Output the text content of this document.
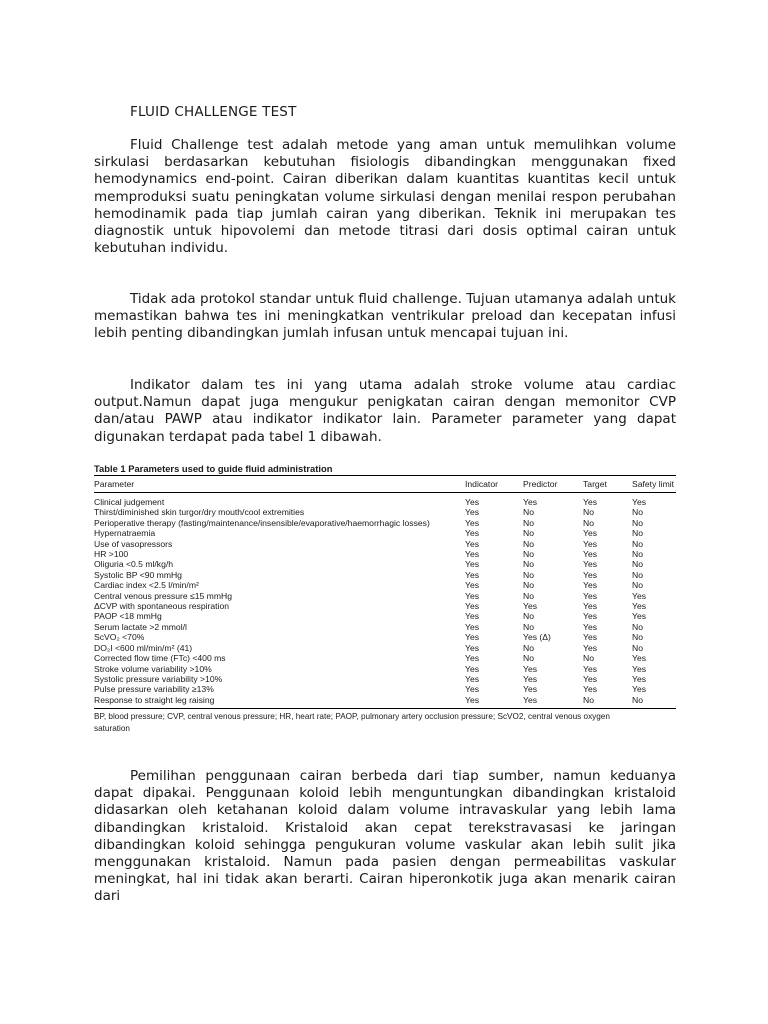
FLUID CHALLENGE TEST

Fluid Challenge test adalah metode yang aman untuk memulihkan volume sirkulasi berdasarkan kebutuhan fisiologis dibandingkan menggunakan fixed hemodynamics end-point. Cairan diberikan dalam kuantitas kuantitas kecil untuk memproduksi suatu peningkatan volume sirkulasi dengan menilai respon perubahan hemodinamik pada tiap jumlah cairan yang diberikan. Teknik ini merupakan tes diagnostik untuk hipovolemi dan metode titrasi dari dosis optimal cairan untuk kebutuhan individu.

Tidak ada protokol standar untuk fluid challenge. Tujuan utamanya adalah untuk memastikan bahwa tes ini meningkatkan ventrikular preload dan kecepatan infusi lebih penting dibandingkan jumlah infusan untuk mencapai tujuan ini.

Indikator dalam tes ini yang utama adalah stroke volume atau cardiac output.Namun dapat juga mengukur penigkatan cairan dengan memonitor CVP dan/atau PAWP atau indikator indikator lain. Parameter parameter yang dapat digunakan terdapat pada tabel 1 dibawah.

Table 1 Parameters used to guide fluid administration
Parameter	Indicator	Predictor	Target	Safety limit

Clinical judgement	Yes	Yes	Yes	Yes
Thirst/diminished skin turgor/dry mouth/cool extremities	Yes	No	No	No
Perioperative therapy (fasting/maintenance/insensible/evaporative/haemorrhagic losses)	Yes	No	No	No
Hypernatraemia	Yes	No	Yes	No
Use of vasopressors	Yes	No	Yes	No
HR >100	Yes	No	Yes	No
Oliguria <0.5 ml/kg/h	Yes	No	Yes	No
Systolic BP <90 mmHg	Yes	No	Yes	No
Cardiac index <2.5 l/min/m²	Yes	No	Yes	No
Central venous pressure ≤15 mmHg	Yes	No	Yes	Yes
ΔCVP with spontaneous respiration	Yes	Yes	Yes	Yes
PAOP <18 mmHg	Yes	No	Yes	Yes
Serum lactate >2 mmol/l	Yes	No	Yes	No
ScVO₂ <70%	Yes	Yes (Δ)	Yes	No
DO₂I <600 ml/min/m² (41)	Yes	No	Yes	No
Corrected flow time (FTc) <400 ms	Yes	No	No	Yes
Stroke volume variability >10%	Yes	Yes	Yes	Yes
Systolic pressure variability >10%	Yes	Yes	Yes	Yes
Pulse pressure variability ≥13%	Yes	Yes	Yes	Yes
Response to straight leg raising	Yes	Yes	No	No
BP, blood pressure; CVP, central venous pressure; HR, heart rate; PAOP, pulmonary artery occlusion pressure; ScVO2, central venous oxygen
saturation

Pemilihan penggunaan cairan berbeda dari tiap sumber, namun keduanya dapat dipakai. Penggunaan koloid lebih menguntungkan dibandingkan kristaloid didasarkan oleh ketahanan koloid dalam volume intravaskular yang lebih lama dibandingkan kristaloid. Kristaloid akan cepat terekstravasasi ke jaringan dibandingkan koloid sehingga pengukuran volume vaskular akan lebih sulit jika menggunakan kristaloid. Namun pada pasien dengan permeabilitas vaskular meningkat, hal ini tidak akan berarti. Cairan hiperonkotik juga akan menarik cairan dari
